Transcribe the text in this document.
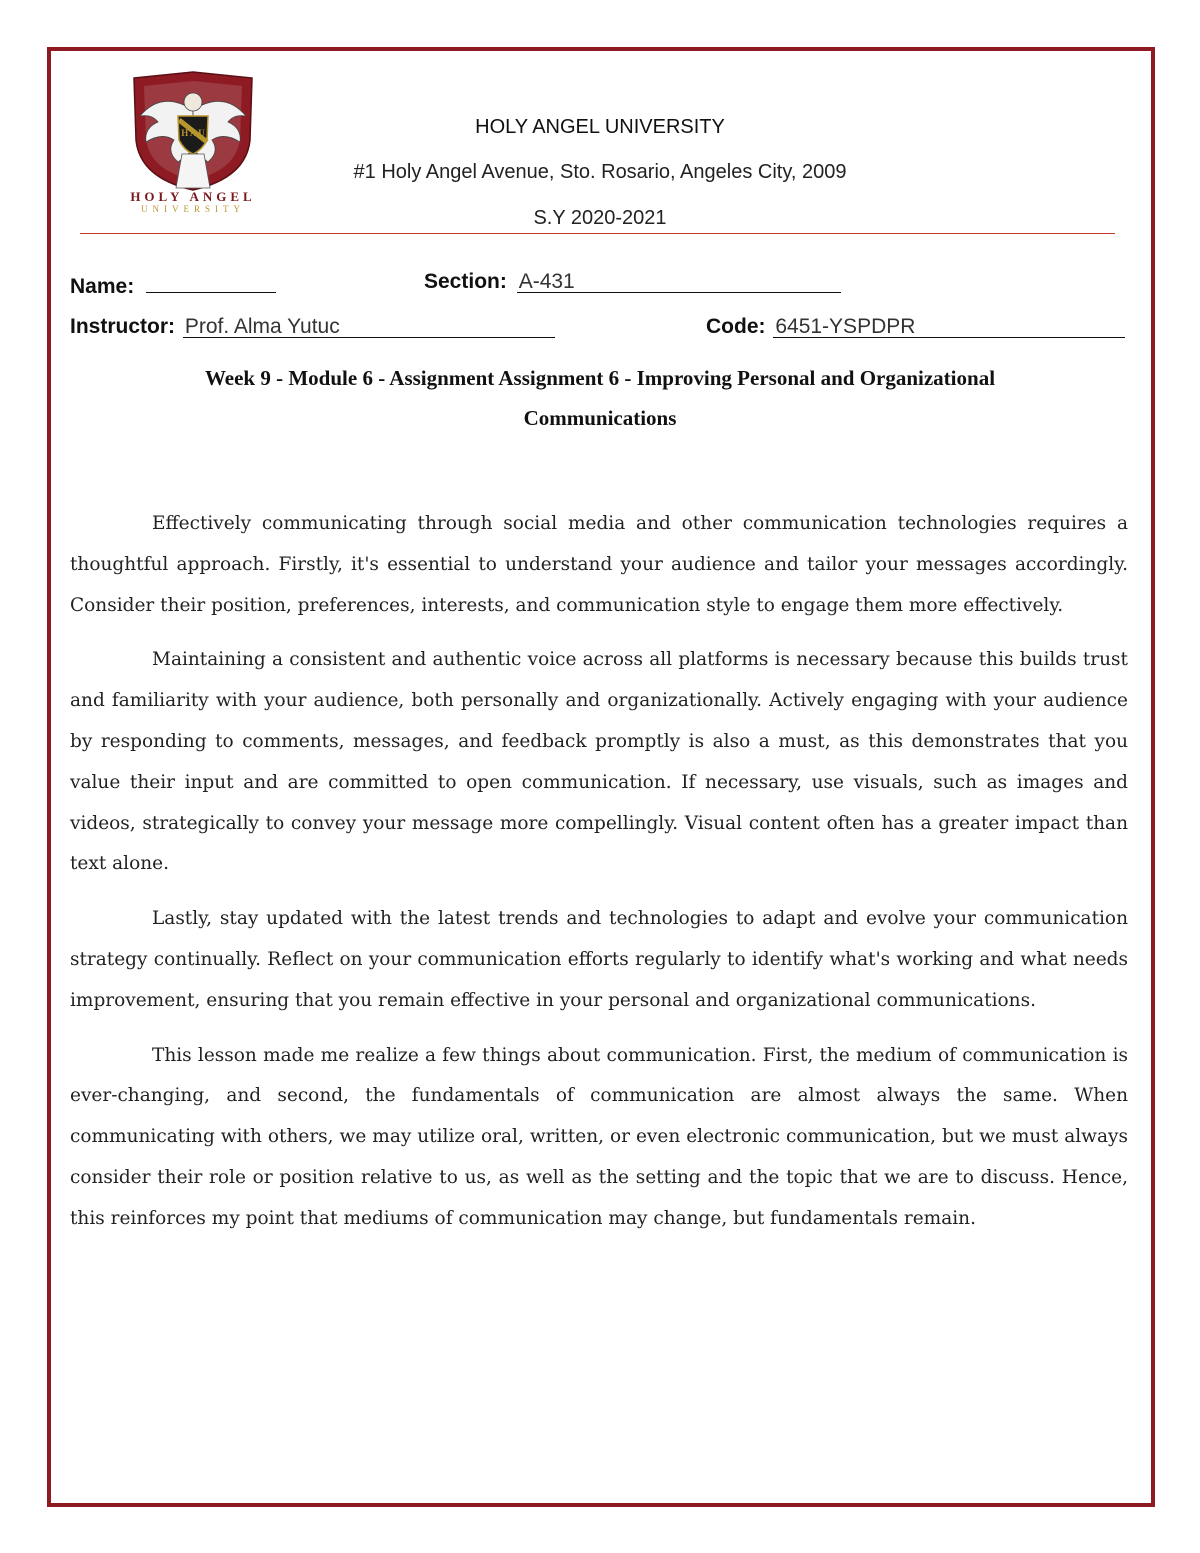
H A U
HOLY ANGEL
UNIVERSITY
HOLY ANGEL UNIVERSITY
#1 Holy Angel Avenue, Sto. Rosario, Angeles City, 2009
S.Y 2020-2021
Name:	Section: A-431
Instructor: Prof. Alma Yutuc	Code: 6451-YSPDPR
Week 9 - Module 6 - Assignment Assignment 6 - Improving Personal and Organizational
Communications

Effectively communicating through social media and other communication technologies requires a thoughtful approach. Firstly, it's essential to understand your audience and tailor your messages accordingly. Consider their position, preferences, interests, and communication style to engage them more effectively.

Maintaining a consistent and authentic voice across all platforms is necessary because this builds trust and familiarity with your audience, both personally and organizationally. Actively engaging with your audience by responding to comments, messages, and feedback promptly is also a must, as this demonstrates that you value their input and are committed to open communication. If necessary, use visuals, such as images and videos, strategically to convey your message more compellingly. Visual content often has a greater impact than text alone.

Lastly, stay updated with the latest trends and technologies to adapt and evolve your communication strategy continually. Reflect on your communication efforts regularly to identify what's working and what needs improvement, ensuring that you remain effective in your personal and organizational communications.

This lesson made me realize a few things about communication. First, the medium of communication is ever-changing, and second, the fundamentals of communication are almost always the same. When communicating with others, we may utilize oral, written, or even electronic communication, but we must always consider their role or position relative to us, as well as the setting and the topic that we are to discuss. Hence, this reinforces my point that mediums of communication may change, but fundamentals remain.
